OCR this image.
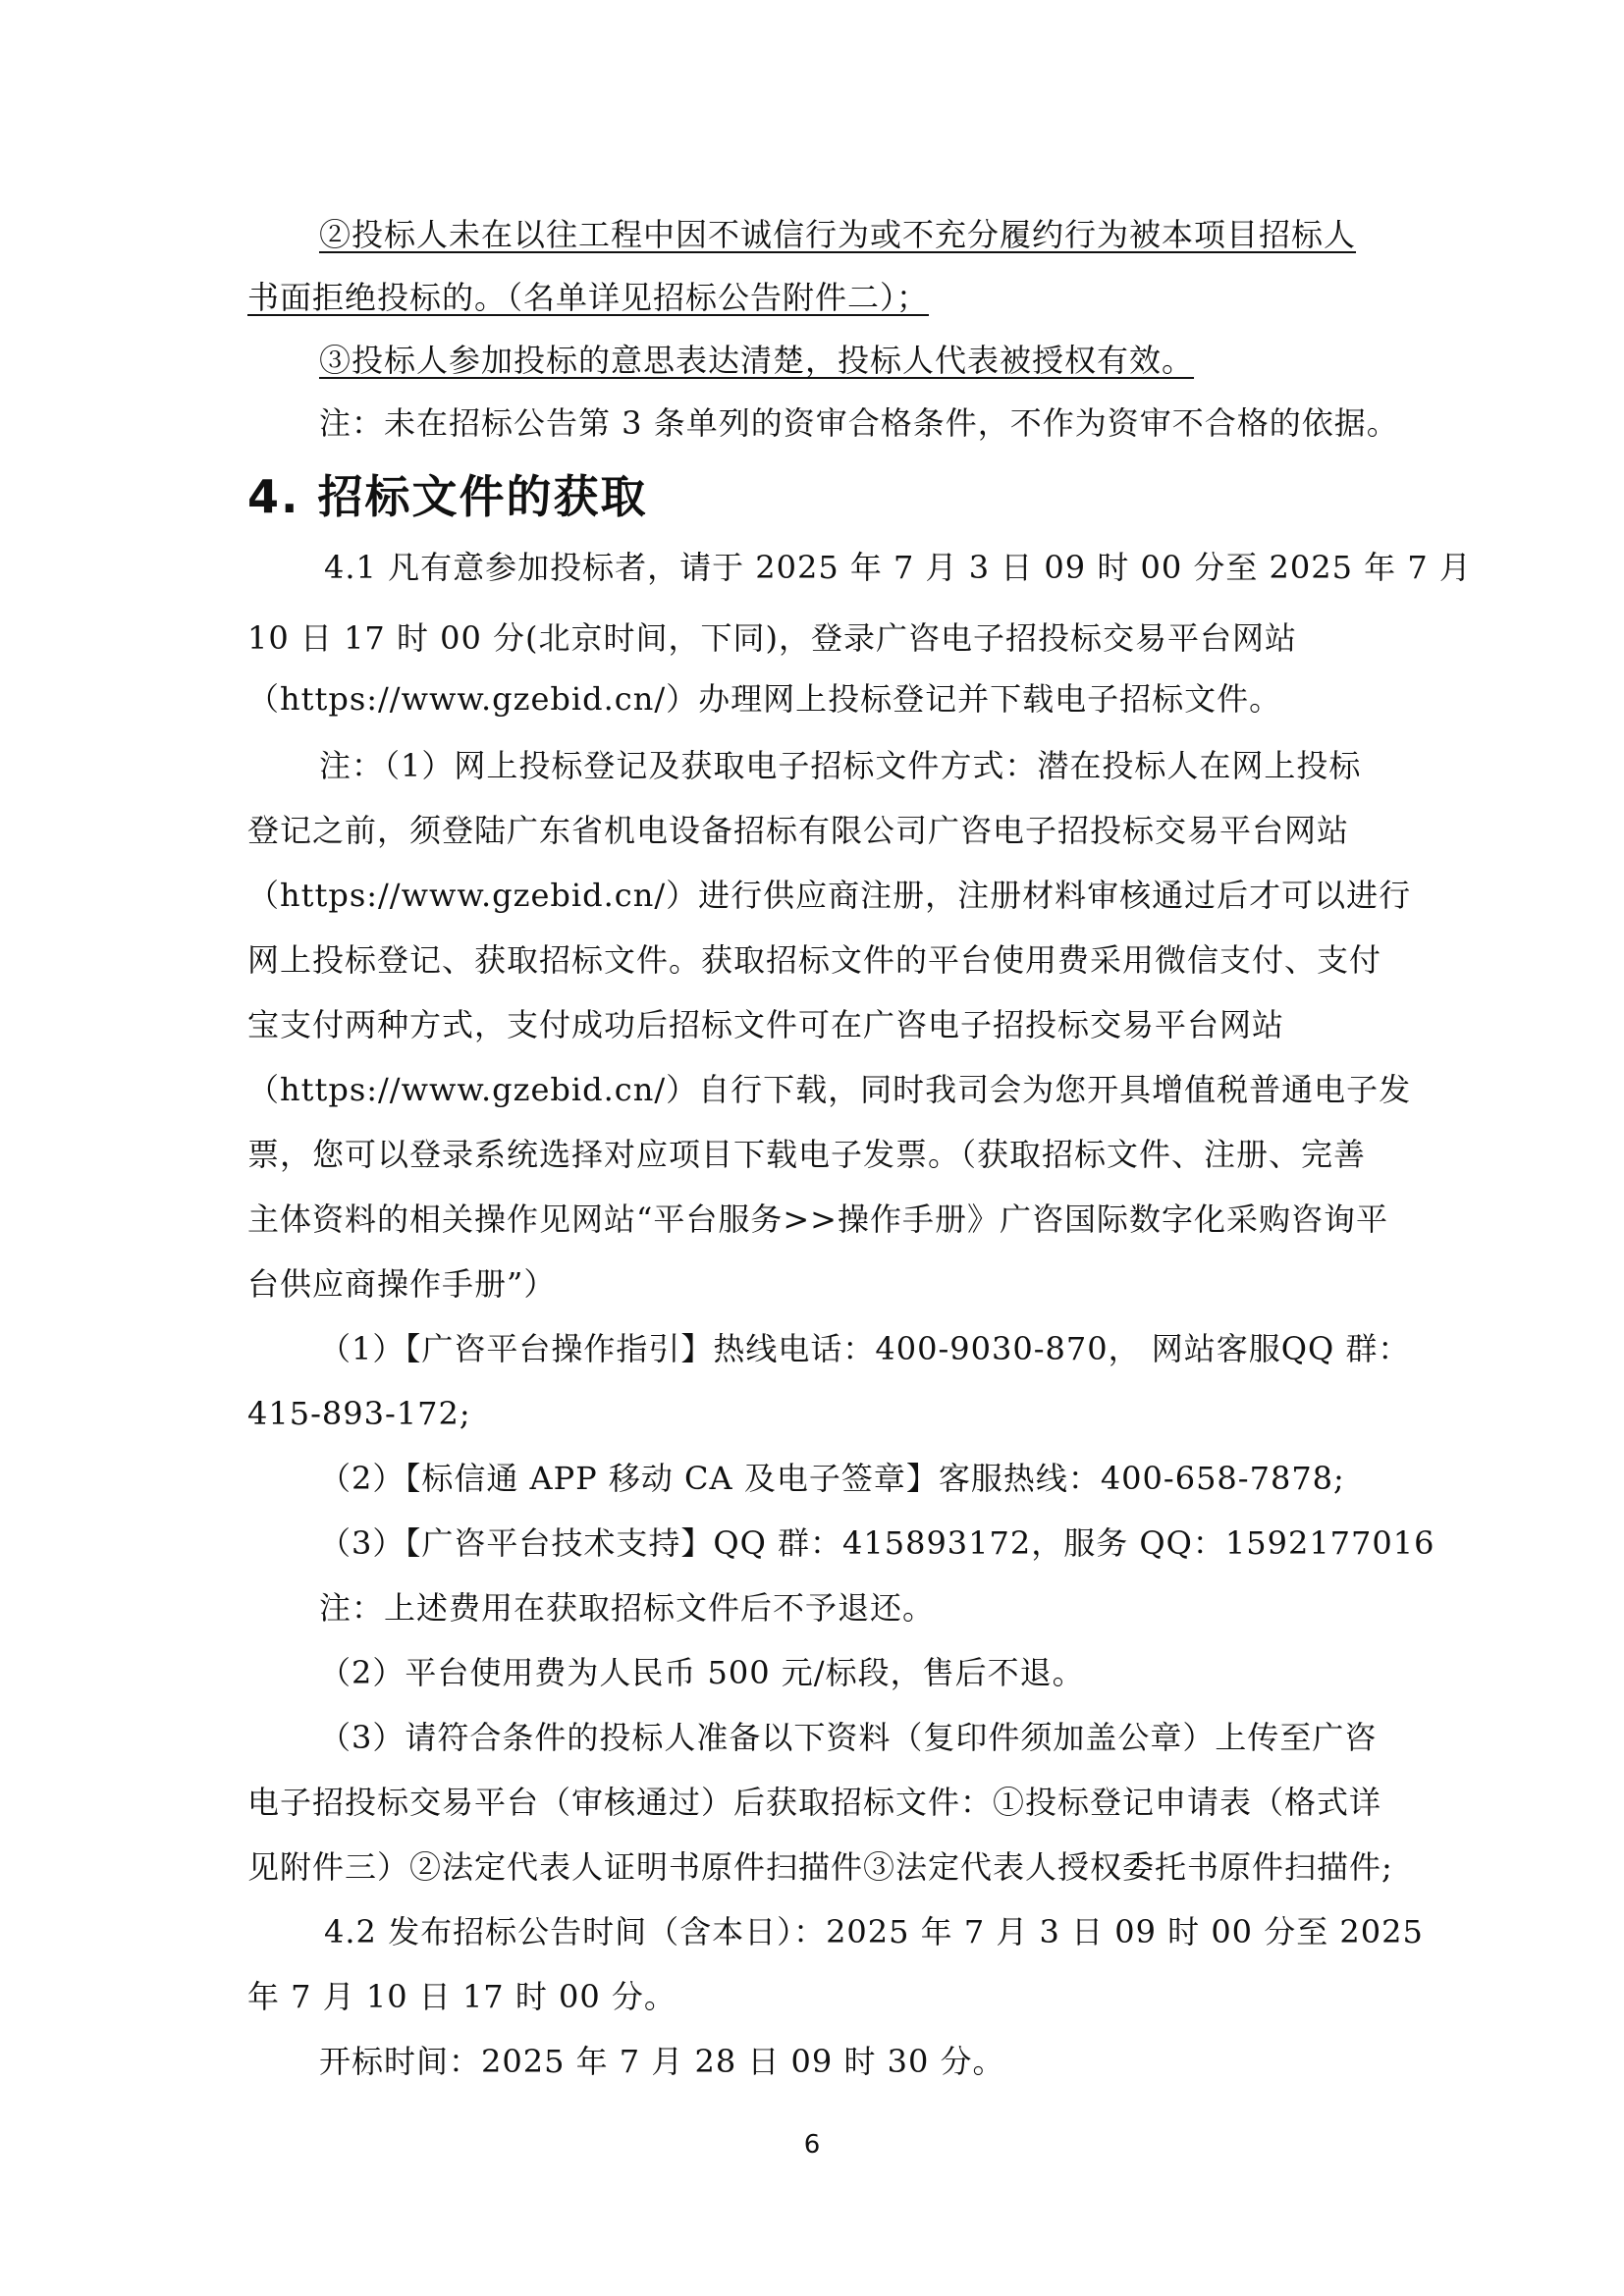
②投标人未在以往工程中因不诚信行为或不充分履约行为被本项目招标人
书面拒绝投标的。（名单详见招标公告附件二）；
③投标人参加投标的意思表达清楚，投标人代表被授权有效。
注：未在招标公告第 3 条单列的资审合格条件，不作为资审不合格的依据。
4. 招标文件的获取
4.1 凡有意参加投标者，请于 2025 年 7 月 3 日 09 时 00 分至 2025 年 7 月
10 日 17 时 00 分(北京时间，下同)，登录广咨电子招投标交易平台网站
（https://www.gzebid.cn/）办理网上投标登记并下载电子招标文件。
注：（1）网上投标登记及获取电子招标文件方式：潜在投标人在网上投标
登记之前，须登陆广东省机电设备招标有限公司广咨电子招投标交易平台网站
（https://www.gzebid.cn/）进行供应商注册，注册材料审核通过后才可以进行
网上投标登记、获取招标文件。获取招标文件的平台使用费采用微信支付、支付
宝支付两种方式，支付成功后招标文件可在广咨电子招投标交易平台网站
（https://www.gzebid.cn/）自行下载，同时我司会为您开具增值税普通电子发
票，您可以登录系统选择对应项目下载电子发票。（获取招标文件、注册、完善
主体资料的相关操作见网站“平台服务>>操作手册》广咨国际数字化采购咨询平
台供应商操作手册”）
（1）【广咨平台操作指引】热线电话：400-9030-870， 网站客服QQ 群：
415-893-172;
（2）【标信通 APP 移动 CA 及电子签章】客服热线：400-658-7878;
（3）【广咨平台技术支持】QQ 群：415893172，服务 QQ：1592177016
注：上述费用在获取招标文件后不予退还。
（2）平台使用费为人民币 500 元/标段，售后不退。
（3）请符合条件的投标人准备以下资料（复印件须加盖公章）上传至广咨
电子招投标交易平台（审核通过）后获取招标文件：①投标登记申请表（格式详
见附件三）②法定代表人证明书原件扫描件③法定代表人授权委托书原件扫描件;
4.2 发布招标公告时间（含本日）：2025 年 7 月 3 日 09 时 00 分至 2025
年 7 月 10 日 17 时 00 分。
开标时间：2025 年 7 月 28 日 09 时 30 分。
6
